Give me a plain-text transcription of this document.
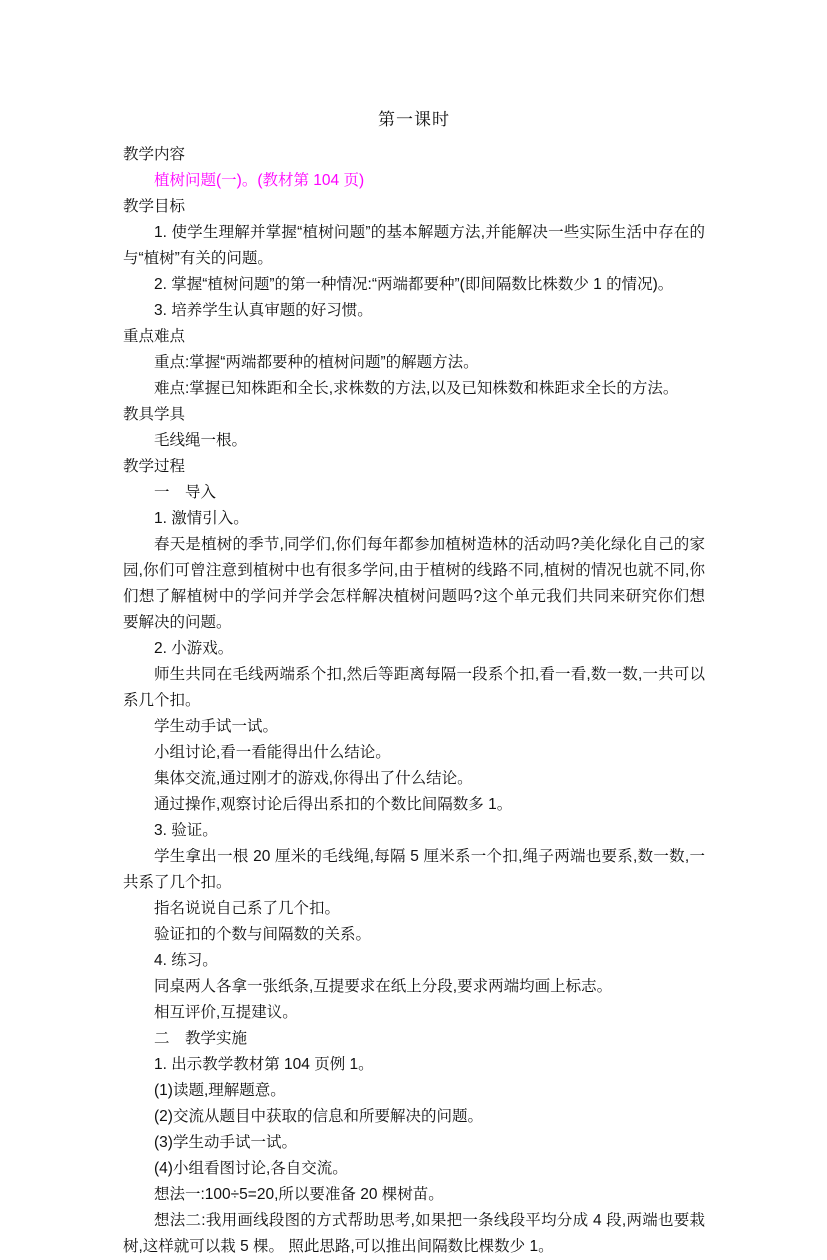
第一课时

教学内容

植树问题(一)。(教材第 104 页)

教学目标

1. 使学生理解并掌握“植树问题”的基本解题方法,并能解决一些实际生活中存在的与“植树”有关的问题。

2. 掌握“植树问题”的第一种情况:“两端都要种”(即间隔数比株数少 1 的情况)。

3. 培养学生认真审题的好习惯。

重点难点

重点:掌握“两端都要种的植树问题”的解题方法。

难点:掌握已知株距和全长,求株数的方法,以及已知株数和株距求全长的方法。

教具学具

毛线绳一根。

教学过程

一　导入

1. 激情引入。

春天是植树的季节,同学们,你们每年都参加植树造林的活动吗?美化绿化自己的家园,你们可曾注意到植树中也有很多学问,由于植树的线路不同,植树的情况也就不同,你们想了解植树中的学问并学会怎样解决植树问题吗?这个单元我们共同来研究你们想要解决的问题。

2. 小游戏。

师生共同在毛线两端系个扣,然后等距离每隔一段系个扣,看一看,数一数,一共可以系几个扣。

学生动手试一试。

小组讨论,看一看能得出什么结论。

集体交流,通过刚才的游戏,你得出了什么结论。

通过操作,观察讨论后得出系扣的个数比间隔数多 1。

3. 验证。

学生拿出一根 20 厘米的毛线绳,每隔 5 厘米系一个扣,绳子两端也要系,数一数,一共系了几个扣。

指名说说自己系了几个扣。

验证扣的个数与间隔数的关系。

4. 练习。

同桌两人各拿一张纸条,互提要求在纸上分段,要求两端均画上标志。

相互评价,互提建议。

二　教学实施

1. 出示教学教材第 104 页例 1。

(1)读题,理解题意。

(2)交流从题目中获取的信息和所要解决的问题。

(3)学生动手试一试。

(4)小组看图讨论,各自交流。

想法一:100÷5=20,所以要准备 20 棵树苗。

想法二:我用画线段图的方式帮助思考,如果把一条线段平均分成 4 段,两端也要栽树,这样就可以栽 5 棵。 照此思路,可以推出间隔数比棵数少 1。
